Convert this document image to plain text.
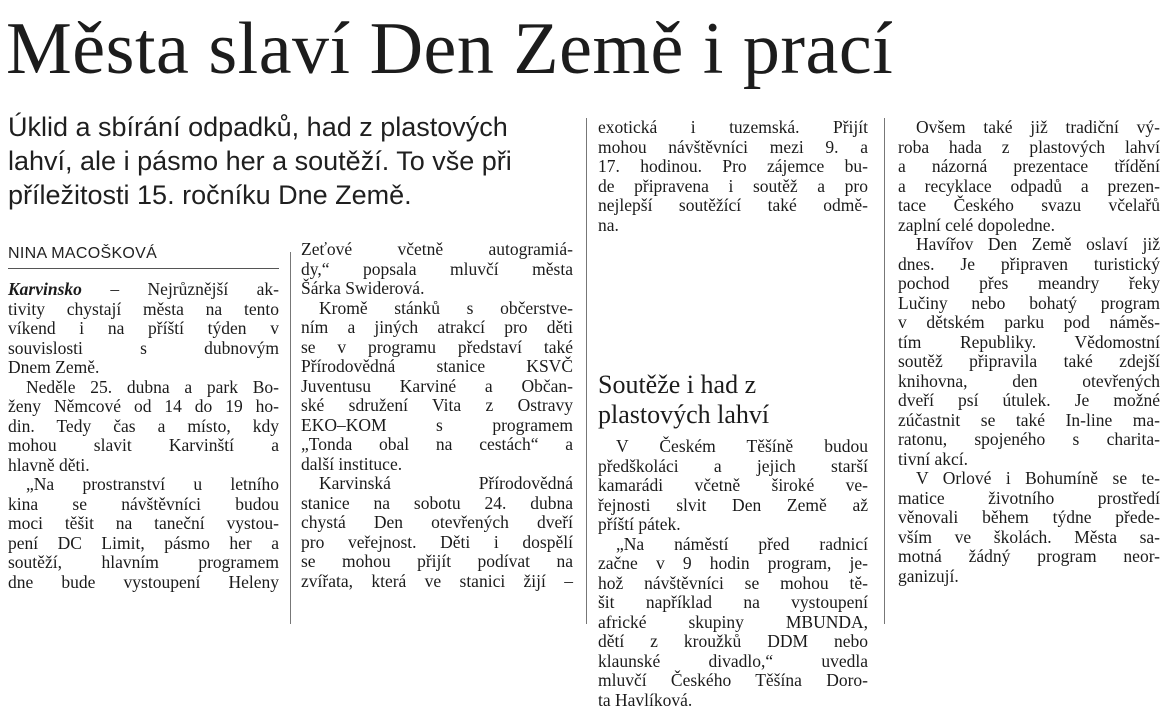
Města slaví Den Země i prací
Úklid a sbírání odpadků, had z plastových
lahví, ale i pásmo her a soutěží. To vše při
příležitosti 15. ročníku Dne Země.
NINA MACOŠKOVÁ
Karvinsko – Nejrůznější ak-
tivity chystají města na tento
víkend i na příští týden v
souvislosti s dubnovým
Dnem Země.
Neděle 25. dubna a park Bo-
ženy Němcové od 14 do 19 ho-
din. Tedy čas a místo, kdy
mohou slavit Karvinští a
hlavně děti.
„Na prostranství u letního
kina se návštěvníci budou
moci těšit na taneční vystou-
pení DC Limit, pásmo her a
soutěží, hlavním programem
dne bude vystoupení Heleny
Zeťové včetně autogramiá-
dy,“ popsala mluvčí města
Šárka Swiderová.
Kromě stánků s občerstve-
ním a jiných atrakcí pro děti
se v programu představí také
Přírodovědná stanice KSVČ
Juventusu Karviné a Občan-
ské sdružení Vita z Ostravy
EKO–KOM s programem
„Tonda obal na cestách“ a
další instituce.
Karvinská Přírodovědná
stanice na sobotu 24. dubna
chystá Den otevřených dveří
pro veřejnost. Děti i dospělí
se mohou přijít podívat na
zvířata, která ve stanici žijí –
exotická i tuzemská. Přijít
mohou návštěvníci mezi 9. a
17. hodinou. Pro zájemce bu-
de připravena i soutěž a pro
nejlepší soutěžící také odmě-
na.
Soutěže i had z
plastových lahví
V Českém Těšíně budou
předškoláci a jejich starší
kamarádi včetně široké ve-
řejnosti slvit Den Země až
příští pátek.
„Na náměstí před radnicí
začne v 9 hodin program, je-
hož návštěvníci se mohou tě-
šit například na vystoupení
africké skupiny MBUNDA,
dětí z kroužků DDM nebo
klaunské divadlo,“ uvedla
mluvčí Českého Těšína Doro-
ta Havlíková.
Ovšem také již tradiční vý-
roba hada z plastových lahví
a názorná prezentace třídění
a recyklace odpadů a prezen-
tace Českého svazu včelařů
zaplní celé dopoledne.
Havířov Den Země oslaví již
dnes. Je připraven turistický
pochod přes meandry řeky
Lučiny nebo bohatý program
v dětském parku pod náměs-
tím Republiky. Vědomostní
soutěž připravila také zdejší
knihovna, den otevřených
dveří psí útulek. Je možné
zúčastnit se také In-line ma-
ratonu, spojeného s charita-
tivní akcí.
V Orlové i Bohumíně se te-
matice životního prostředí
věnovali během týdne přede-
vším ve školách. Města sa-
motná žádný program neor-
ganizují.
